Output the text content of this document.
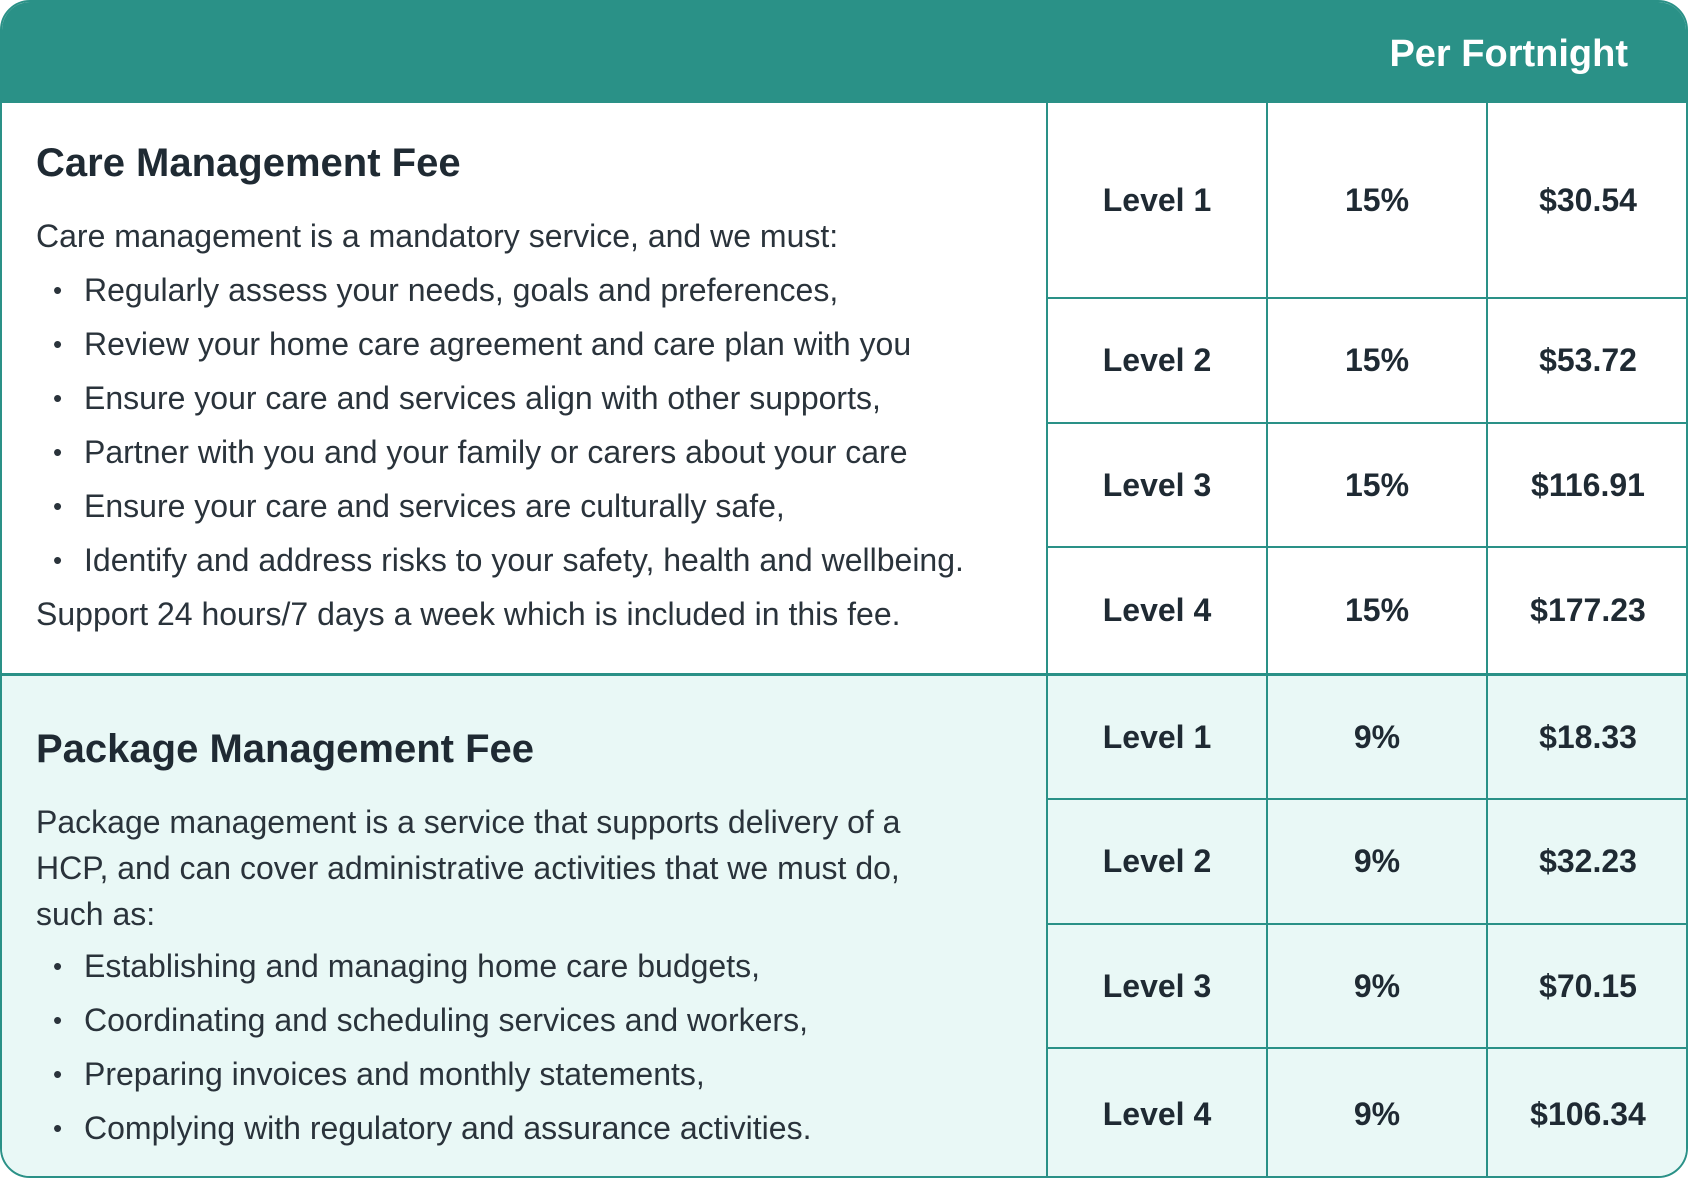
Per Fortnight
Care Management Fee
Care management is a mandatory service, and we must:
• Regularly assess your needs, goals and preferences,
• Review your home care agreement and care plan with you
• Ensure your care and services align with other supports,
• Partner with you and your family or carers about your care
• Ensure your care and services are culturally safe,
• Identify and address risks to your safety, health and wellbeing.
Support 24 hours/7 days a week which is included in this fee.
Level 1	15%	$30.54
Level 2	15%	$53.72
Level 3	15%	$116.91
Level 4	15%	$177.23
Package Management Fee
Package management is a service that supports delivery of a HCP, and can cover administrative activities that we must do, such as:
• Establishing and managing home care budgets,
• Coordinating and scheduling services and workers,
• Preparing invoices and monthly statements,
• Complying with regulatory and assurance activities.
Level 1	9%	$18.33
Level 2	9%	$32.23
Level 3	9%	$70.15
Level 4	9%	$106.34
